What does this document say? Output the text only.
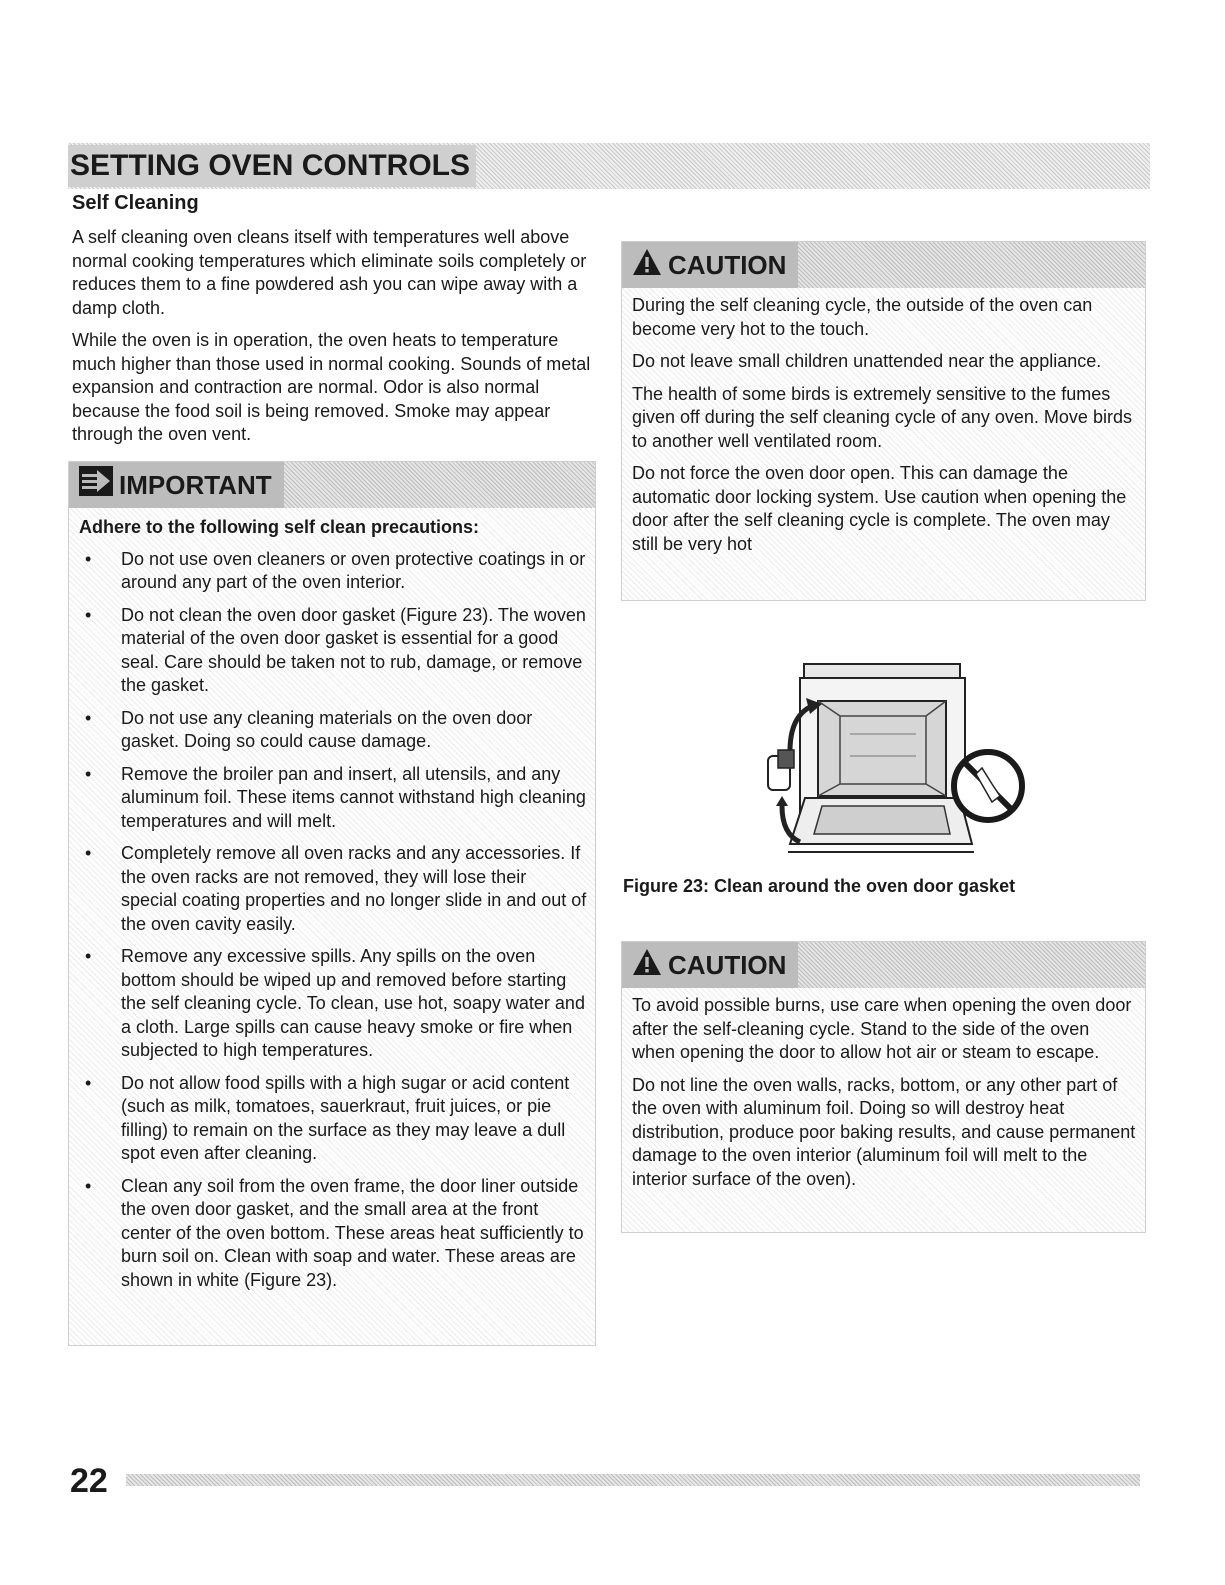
SETTING OVEN CONTROLS
Self Cleaning

A self cleaning oven cleans itself with temperatures well above normal cooking temperatures which eliminate soils completely or reduces them to a fine powdered ash you can wipe away with a damp cloth.

While the oven is in operation, the oven heats to temperature much higher than those used in normal cooking. Sounds of metal expansion and contraction are normal. Odor is also normal because the food soil is being removed. Smoke may appear through the oven vent.

IMPORTANT
Adhere to the following self clean precautions:
• Do not use oven cleaners or oven protective coatings in or around any part of the oven interior.
• Do not clean the oven door gasket (Figure 23). The woven material of the oven door gasket is essential for a good seal. Care should be taken not to rub, damage, or remove the gasket.
• Do not use any cleaning materials on the oven door gasket. Doing so could cause damage.
• Remove the broiler pan and insert, all utensils, and any aluminum foil. These items cannot withstand high cleaning temperatures and will melt.
• Completely remove all oven racks and any accessories. If the oven racks are not removed, they will lose their special coating properties and no longer slide in and out of the oven cavity easily.
• Remove any excessive spills. Any spills on the oven bottom should be wiped up and removed before starting the self cleaning cycle. To clean, use hot, soapy water and a cloth. Large spills can cause heavy smoke or fire when subjected to high temperatures.
• Do not allow food spills with a high sugar or acid content (such as milk, tomatoes, sauerkraut, fruit juices, or pie filling) to remain on the surface as they may leave a dull spot even after cleaning.
• Clean any soil from the oven frame, the door liner outside the oven door gasket, and the small area at the front center of the oven bottom. These areas heat sufficiently to burn soil on. Clean with soap and water. These areas are shown in white (Figure 23).
CAUTION

During the self cleaning cycle, the outside of the oven can become very hot to the touch.

Do not leave small children unattended near the appliance.

The health of some birds is extremely sensitive to the fumes given off during the self cleaning cycle of any oven. Move birds to another well ventilated room.

Do not force the oven door open. This can damage the automatic door locking system. Use caution when opening the door after the self cleaning cycle is complete. The oven may still be very hot

Figure 23: Clean around the oven door gasket
CAUTION

To avoid possible burns, use care when opening the oven door after the self-cleaning cycle. Stand to the side of the oven when opening the door to allow hot air or steam to escape.

Do not line the oven walls, racks, bottom, or any other part of the oven with aluminum foil. Doing so will destroy heat distribution, produce poor baking results, and cause permanent damage to the oven interior (aluminum foil will melt to the interior surface of the oven).

22
